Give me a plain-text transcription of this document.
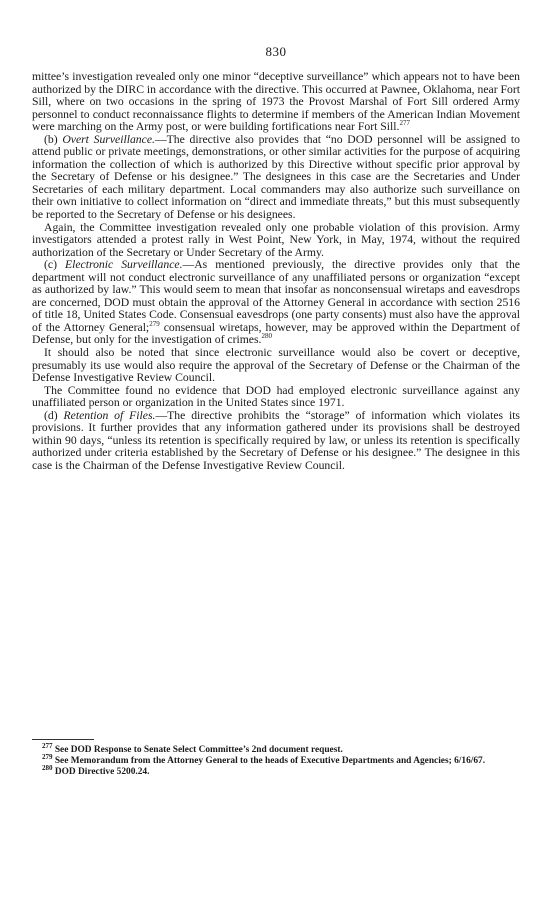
830

mittee’s investigation revealed only one minor “deceptive surveillance” which appears not to have been authorized by the DIRC in accordance with the directive. This occurred at Pawnee, Oklahoma, near Fort Sill, where on two occasions in the spring of 1973 the Provost Marshal of Fort Sill ordered Army personnel to conduct reconnaissance flights to determine if members of the American Indian Movement were marching on the Army post, or were building fortifications near Fort Sill.$^{277}$

(b) Overt Surveillance.—The directive also provides that “no DOD personnel will be assigned to attend public or private meetings, demonstrations, or other similar activities for the purpose of acquiring information the collection of which is authorized by this Directive without specific prior approval by the Secretary of Defense or his designee.” The designees in this case are the Secretaries and Under Secretaries of each military department. Local commanders may also authorize such surveillance on their own initiative to collect information on “direct and immediate threats,” but this must subsequently be reported to the Secretary of Defense or his designees.

Again, the Committee investigation revealed only one probable violation of this provision. Army investigators attended a protest rally in West Point, New York, in May, 1974, without the required authorization of the Secretary or Under Secretary of the Army.

(c) Electronic Surveillance.—As mentioned previously, the directive provides only that the department will not conduct electronic surveillance of any unaffiliated persons or organization “except as authorized by law.” This would seem to mean that insofar as nonconsensual wiretaps and eavesdrops are concerned, DOD must obtain the approval of the Attorney General in accordance with section 2516 of title 18, United States Code. Consensual eavesdrops (one party consents) must also have the approval of the Attorney General;$^{279}$ consensual wiretaps, however, may be approved within the Department of Defense, but only for the investigation of crimes.$^{280}$

It should also be noted that since electronic surveillance would also be covert or deceptive, presumably its use would also require the approval of the Secretary of Defense or the Chairman of the Defense Investigative Review Council.

The Committee found no evidence that DOD had employed electronic surveillance against any unaffiliated person or organization in the United States since 1971.

(d) Retention of Files.—The directive prohibits the “storage” of information which violates its provisions. It further provides that any information gathered under its provisions shall be destroyed within 90 days, “unless its retention is specifically required by law, or unless its retention is specifically authorized under criteria established by the Secretary of Defense or his designee.” The designee in this case is the Chairman of the Defense Investigative Review Council.

$^{277}$ See DOD Response to Senate Select Committee’s 2nd document request.

$^{279}$ See Memorandum from the Attorney General to the heads of Executive Departments and Agencies; 6/16/67.

$^{280}$ DOD Directive 5200.24.
